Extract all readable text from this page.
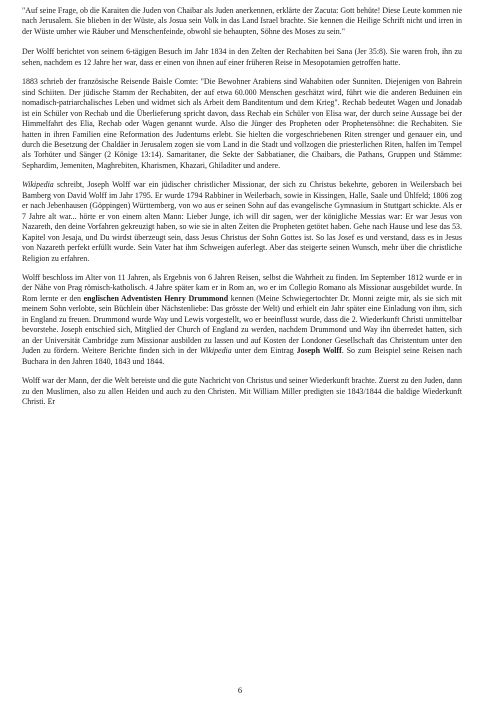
"Auf seine Frage, ob die Karaiten die Juden von Chaibar als Juden anerkennen, erklärte der Zacuta: Gott behüte! Diese Leute kommen nie nach Jerusalem. Sie blieben in der Wüste, als Josua sein Volk in das Land Israel brachte. Sie kennen die Heilige Schrift nicht und irren in der Wüste umher wie Räuber und Menschenfeinde, obwohl sie behaupten, Söhne des Moses zu sein."

Der Wolff berichtet von seinem 6-tägigen Besuch im Jahr 1834 in den Zelten der Rechabiten bei Sana (Jer 35:8). Sie waren froh, ihn zu sehen, nachdem es 12 Jahre her war, dass er einen von ihnen auf einer früheren Reise in Mesopotamien getroffen hatte.

1883 schrieb der französische Reisende Baisle Comte: "Die Bewohner Arabiens sind Wahabiten oder Sunniten. Diejenigen von Bahrein sind Schiiten. Der jüdische Stamm der Rechabiten, der auf etwa 60.000 Menschen geschätzt wird, führt wie die anderen Beduinen ein nomadisch-patriarchalisches Leben und widmet sich als Arbeit dem Banditentum und dem Krieg". Rechab bedeutet Wagen und Jonadab ist ein Schüler von Rechab und die Überlieferung spricht davon, dass Rechab ein Schüler von Elisa war, der durch seine Aussage bei der Himmelfahrt des Elia, Rechab oder Wagen genannt wurde. Also die Jünger des Propheten oder Prophetensöhne: die Rechabiten. Sie hatten in ihren Familien eine Reformation des Judentums erlebt. Sie hielten die vorgeschriebenen Riten strenger und genauer ein, und durch die Besetzung der Chaldäer in Jerusalem zogen sie vom Land in die Stadt und vollzogen die priesterlichen Riten, halfen im Tempel als Torhüter und Sänger (2 Könige 13:14). Samaritaner, die Sekte der Sabbatianer, die Chaibars, die Pathans, Gruppen und Stämme: Sephardim, Jemeniten, Maghrebiten, Kharismen, Khazari, Ghiladiter und andere.

Wikipedia schreibt, Joseph Wolff war ein jüdischer christlicher Missionar, der sich zu Christus bekehrte, geboren in Weilersbach bei Bamberg von David Wolff im Jahr 1795. Er wurde 1794 Rabbiner in Weilerbach, sowie in Kissingen, Halle, Saale und Ühlfeld; 1806 zog er nach Jebenhausen (Göppingen) Württemberg, von wo aus er seinen Sohn auf das evangelische Gymnasium in Stuttgart schickte. Als er 7 Jahre alt war... hörte er von einem alten Mann: Lieber Junge, ich will dir sagen, wer der königliche Messias war: Er war Jesus von Nazareth, den deine Vorfahren gekreuzigt haben, so wie sie in alten Zeiten die Propheten getötet haben. Gehe nach Hause und lese das 53. Kapitel von Jesaja, und Du wirdst überzeugt sein, dass Jesus Christus der Sohn Gottes ist. So las Josef es und verstand, dass es in Jesus von Nazareth perfekt erfüllt wurde. Sein Vater hat ihm Schweigen auferlegt. Aber das steigerte seinen Wunsch, mehr über die christliche Religion zu erfahren.

Wolff beschloss im Alter von 11 Jahren, als Ergebnis von 6 Jahren Reisen, selbst die Wahrheit zu finden. Im September 1812 wurde er in der Nähe von Prag römisch-katholisch. 4 Jahre später kam er in Rom an, wo er im Collegio Romano als Missionar ausgebildet wurde. In Rom lernte er den englischen Adventisten Henry Drummond kennen (Meine Schwiegertochter Dr. Monni zeigte mir, als sie sich mit meinem Sohn verlobte, sein Büchlein über Nächstenliebe: Das grösste der Welt) und erhielt ein Jahr später eine Einladung von ihm, sich in England zu freuen. Drummond wurde Way und Lewis vorgestellt, wo er beeinflusst wurde, dass die 2. Wiederkunft Christi unmittelbar bevorstehe. Joseph entschied sich, Mitglied der Church of England zu werden, nachdem Drummond und Way ihn überredet hatten, sich an der Universität Cambridge zum Missionar ausbilden zu lassen und auf Kosten der Londoner Gesellschaft das Christentum unter den Juden zu fördern. Weitere Berichte finden sich in der Wikipedia unter dem Eintrag Joseph Wolff. So zum Beispiel seine Reisen nach Buchara in den Jahren 1840, 1843 und 1844.

Wolff war der Mann, der die Welt bereiste und die gute Nachricht von Christus und seiner Wiederkunft brachte. Zuerst zu den Juden, dann zu den Muslimen, also zu allen Heiden und auch zu den Christen. Mit William Miller predigten sie 1843/1844 die baldige Wiederkunft Christi. Er

6
